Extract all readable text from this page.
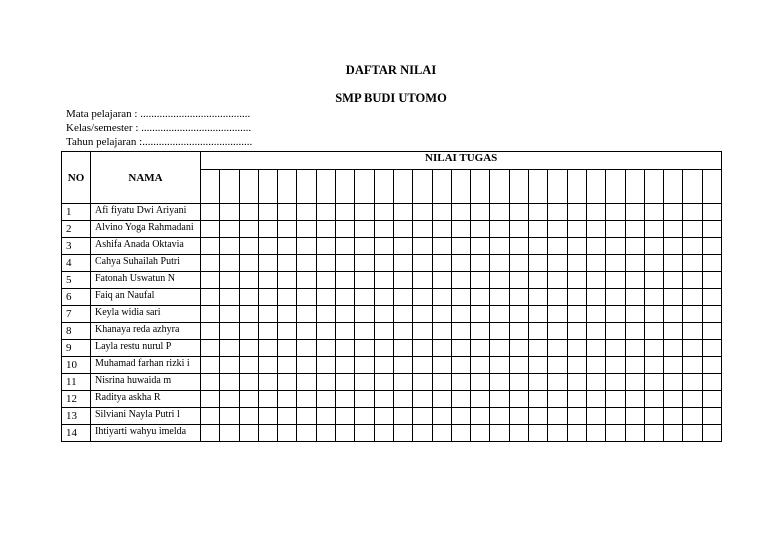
DAFTAR NILAI
SMP BUDI UTOMO
Mata pelajaran : ........................................
Kelas/semester : ........................................
Tahun pelajaran :........................................
NO	NAMA	NILAI TUGAS																										

1	Afi fiyatu Dwi Ariyani																											
2	Alvino Yoga Rahmadani																											
3	Ashifa Anada Oktavia																											
4	Cahya Suhailah Putri																											
5	Fatonah Uswatun N																											
6	Faiq an Naufal																											
7	Keyla widia sari																											
8	Khanaya reda azhyra																											
9	Layla restu nurul P																											
10	Muhamad farhan rizki i																											
11	Nisrina huwaida m																											
12	Raditya askha R																											
13	Silviani Nayla Putri l																											
14	Ihtiyarti wahyu imelda																											
